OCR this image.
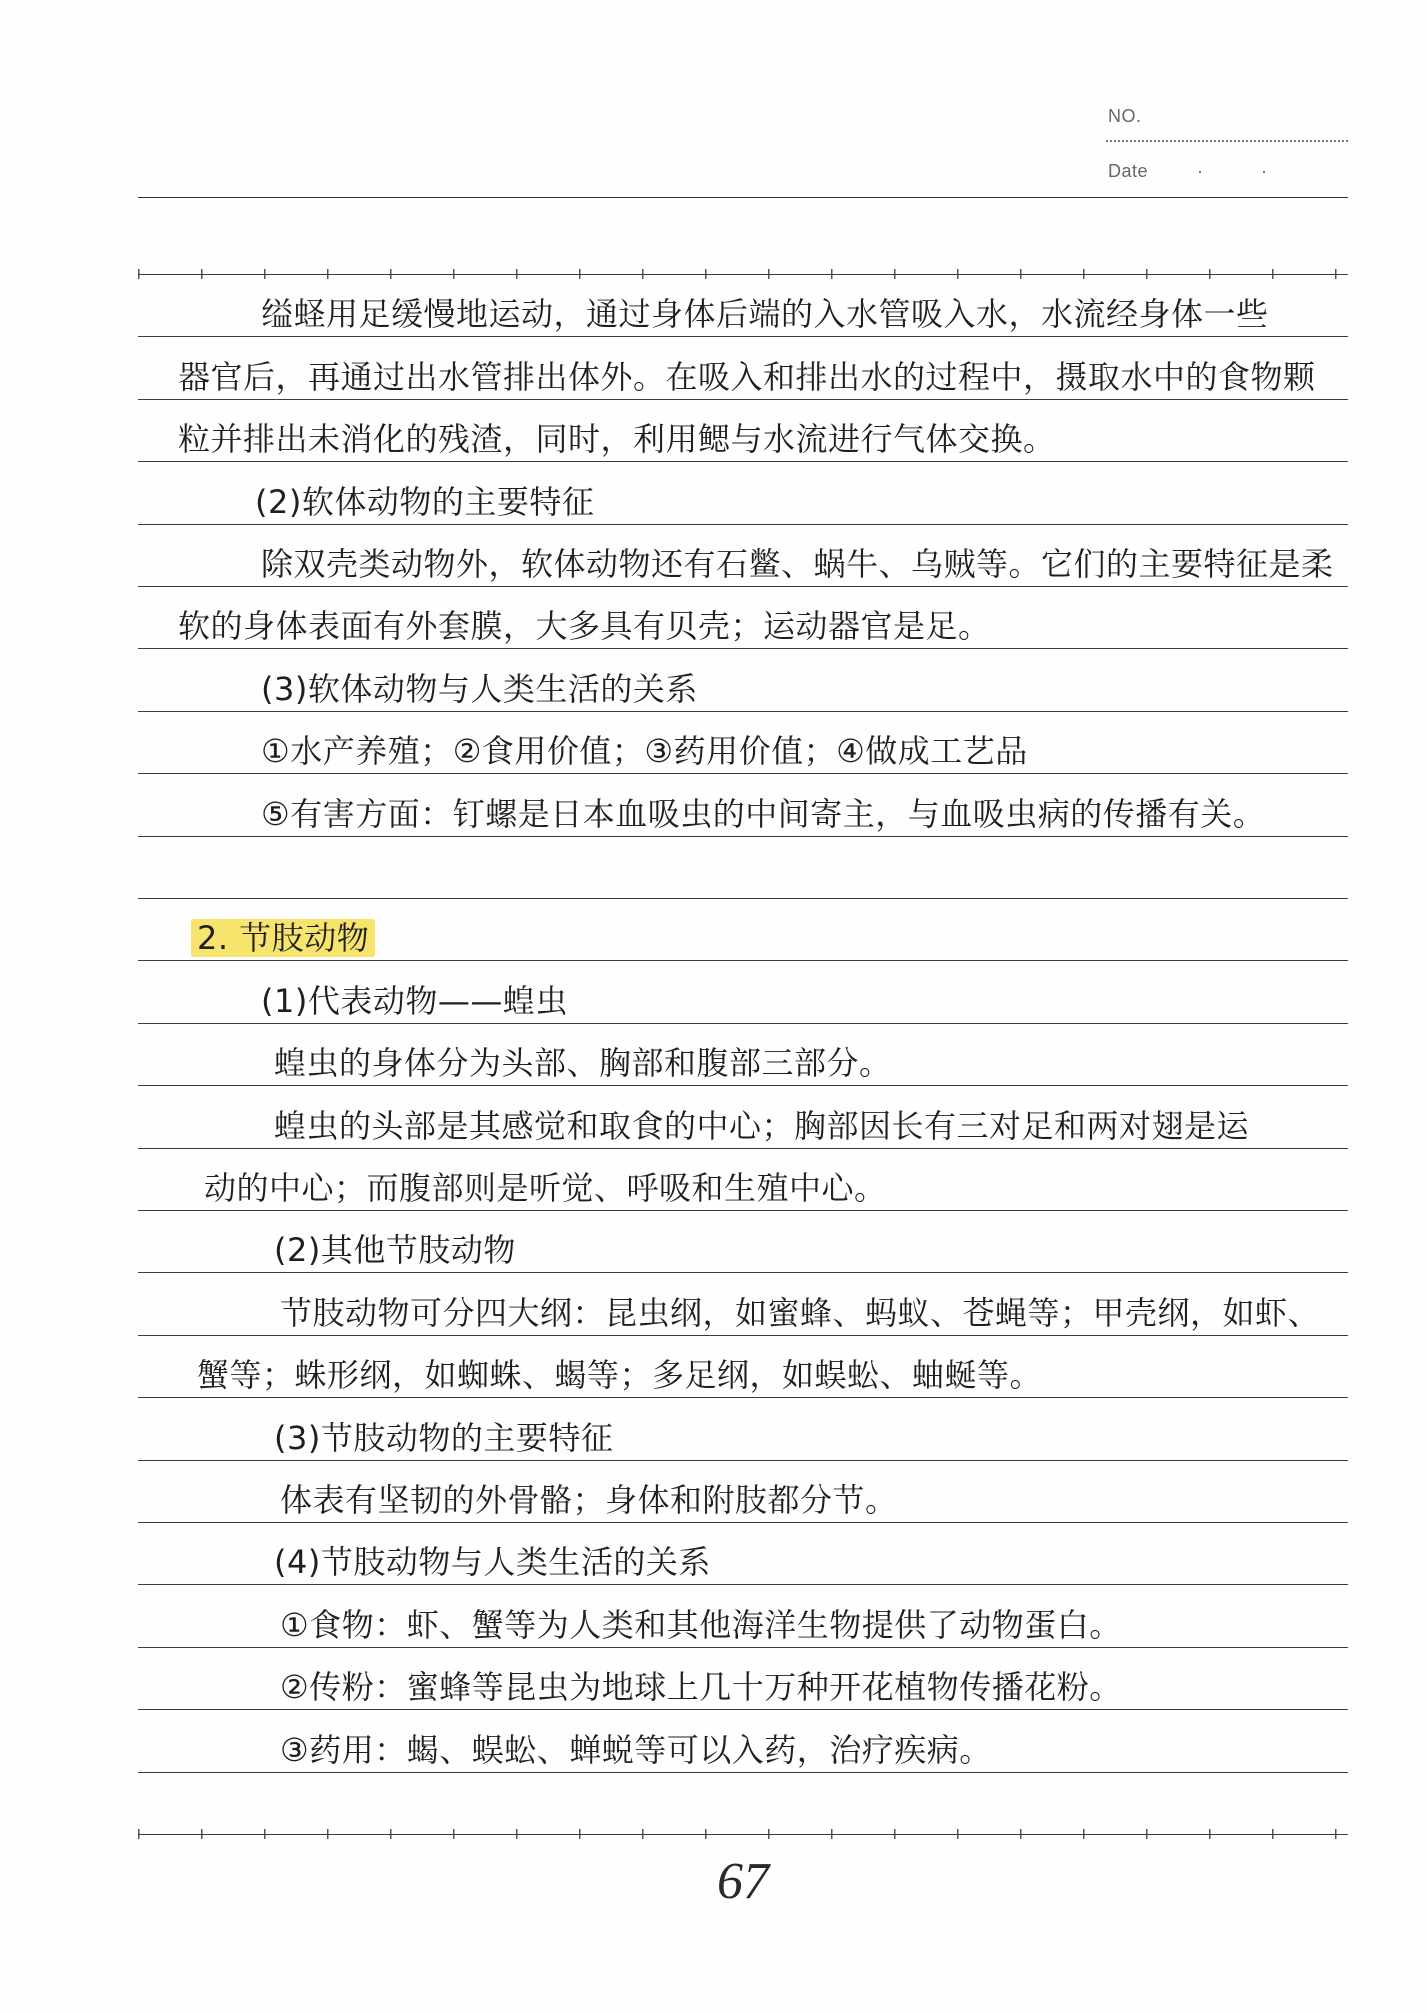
NO.
Date	·	·
缢蛏用足缓慢地运动，通过身体后端的入水管吸入水，水流经身体一些
器官后，再通过出水管排出体外。在吸入和排出水的过程中，摄取水中的食物颗
粒并排出未消化的残渣，同时，利用鳃与水流进行气体交换。
(2)软体动物的主要特征
除双壳类动物外，软体动物还有石鳖、蜗牛、乌贼等。它们的主要特征是柔
软的身体表面有外套膜，大多具有贝壳；运动器官是足。
(3)软体动物与人类生活的关系
①水产养殖；②食用价值；③药用价值；④做成工艺品
⑤有害方面：钉螺是日本血吸虫的中间寄主，与血吸虫病的传播有关。
2. 节肢动物
(1)代表动物——蝗虫
蝗虫的身体分为头部、胸部和腹部三部分。
蝗虫的头部是其感觉和取食的中心；胸部因长有三对足和两对翅是运
动的中心；而腹部则是听觉、呼吸和生殖中心。
(2)其他节肢动物
节肢动物可分四大纲：昆虫纲，如蜜蜂、蚂蚁、苍蝇等；甲壳纲，如虾、
蟹等；蛛形纲，如蜘蛛、蝎等；多足纲，如蜈蚣、蚰蜒等。
(3)节肢动物的主要特征
体表有坚韧的外骨骼；身体和附肢都分节。
(4)节肢动物与人类生活的关系
①食物：虾、蟹等为人类和其他海洋生物提供了动物蛋白。
②传粉：蜜蜂等昆虫为地球上几十万种开花植物传播花粉。
③药用：蝎、蜈蚣、蝉蜕等可以入药，治疗疾病。
67
